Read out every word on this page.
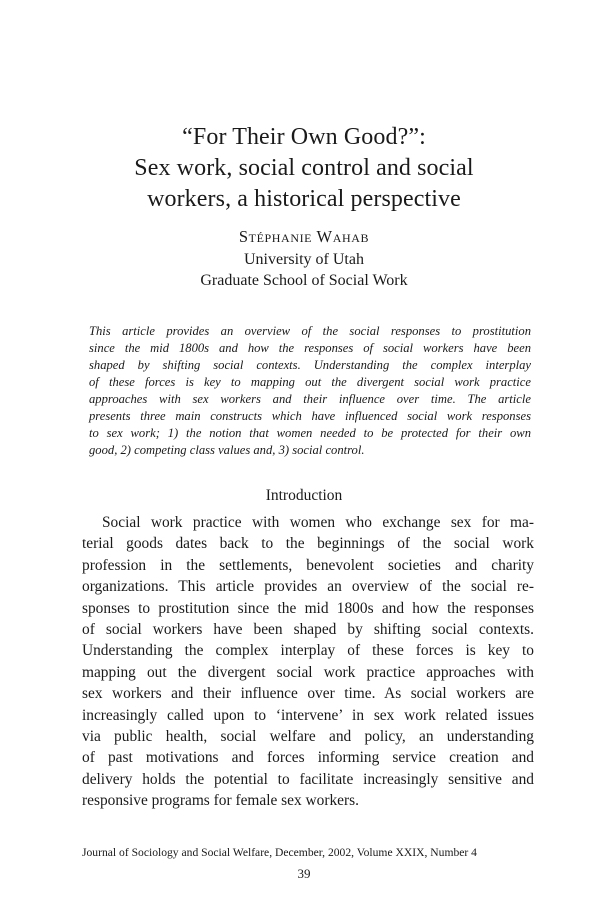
“For Their Own Good?”:
Sex work, social control and social
workers, a historical perspective
Stéphanie Wahab
University of Utah
Graduate School of Social Work
This article provides an overview of the social responses to prostitution
since the mid 1800s and how the responses of social workers have been
shaped by shifting social contexts. Understanding the complex interplay
of these forces is key to mapping out the divergent social work practice
approaches with sex workers and their influence over time. The article
presents three main constructs which have influenced social work responses
to sex work; 1) the notion that women needed to be protected for their own
good, 2) competing class values and, 3) social control.
Introduction
Social work practice with women who exchange sex for ma-
terial goods dates back to the beginnings of the social work
profession in the settlements, benevolent societies and charity
organizations. This article provides an overview of the social re-
sponses to prostitution since the mid 1800s and how the responses
of social workers have been shaped by shifting social contexts.
Understanding the complex interplay of these forces is key to
mapping out the divergent social work practice approaches with
sex workers and their influence over time. As social workers are
increasingly called upon to ‘intervene’ in sex work related issues
via public health, social welfare and policy, an understanding
of past motivations and forces informing service creation and
delivery holds the potential to facilitate increasingly sensitive and
responsive programs for female sex workers.
Journal of Sociology and Social Welfare, December, 2002, Volume XXIX, Number 4
39
